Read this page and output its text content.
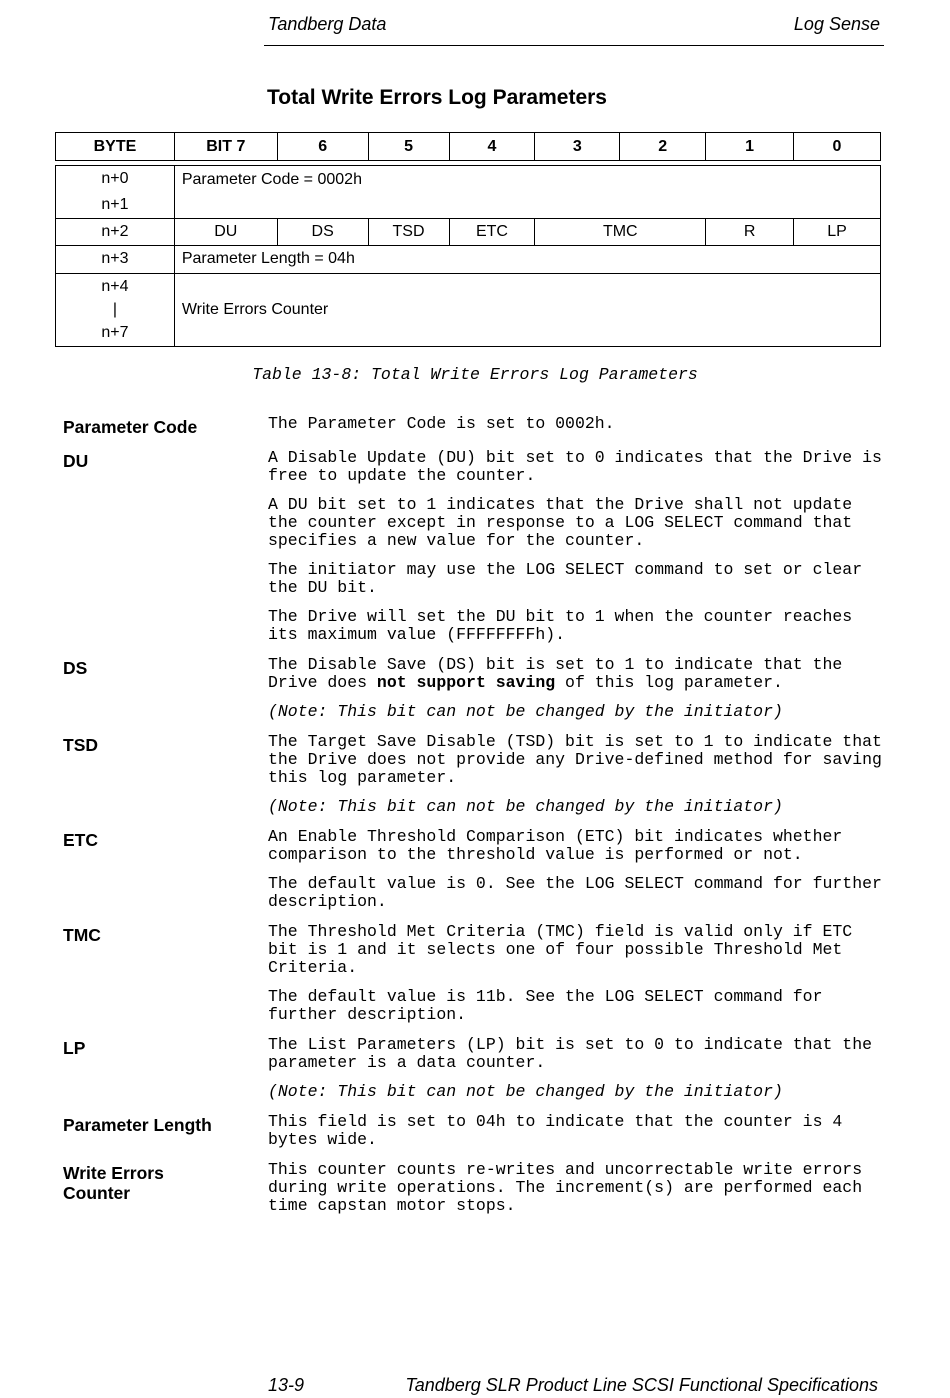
Tandberg Data	Log Sense
Total Write Errors Log Parameters
BYTE	BIT 7	6	5	4	3	2	1	0
n+0
n+1	Parameter Code = 0002h						
n+2	DU	DS	TSD	ETC	TMC	R	LP
n+3	Parameter Length = 04h						

n+4
|
n+7	Write Errors Counter						
Table 13-8: Total Write Errors Log Parameters
Parameter Code	The Parameter Code is set to 0002h.

DU	A Disable Update (DU) bit set to 0 indicates that the Drive is free to update the counter.

A DU bit set to 1 indicates that the Drive shall not update the counter except in response to a LOG SELECT command that specifies a new value for the counter.

The initiator may use the LOG SELECT command to set or clear the DU bit.

The Drive will set the DU bit to 1 when the counter reaches its maximum value (FFFFFFFFh).

DS	The Disable Save (DS) bit is set to 1 to indicate that the Drive does not support saving of this log parameter.

(Note: This bit can not be changed by the initiator)

TSD	The Target Save Disable (TSD) bit is set to 1 to indicate that the Drive does not provide any Drive-defined method for saving this log parameter.

(Note: This bit can not be changed by the initiator)

ETC	An Enable Threshold Comparison (ETC) bit indicates whether comparison to the threshold value is performed or not.

The default value is 0. See the LOG SELECT command for further description.

TMC	The Threshold Met Criteria (TMC) field is valid only if ETC bit is 1 and it selects one of four possible Threshold Met Criteria.

The default value is 11b. See the LOG SELECT command for further description.

LP	The List Parameters (LP) bit is set to 0 to indicate that the parameter is a data counter.

(Note: This bit can not be changed by the initiator)

Parameter Length	This field is set to 04h to indicate that the counter is 4 bytes wide.

Write Errors
Counter

This counter counts re-writes and uncorrectable write errors during write operations. The increment(s) are performed each time capstan motor stops.

13-9	Tandberg SLR Product Line SCSI Functional Specifications
